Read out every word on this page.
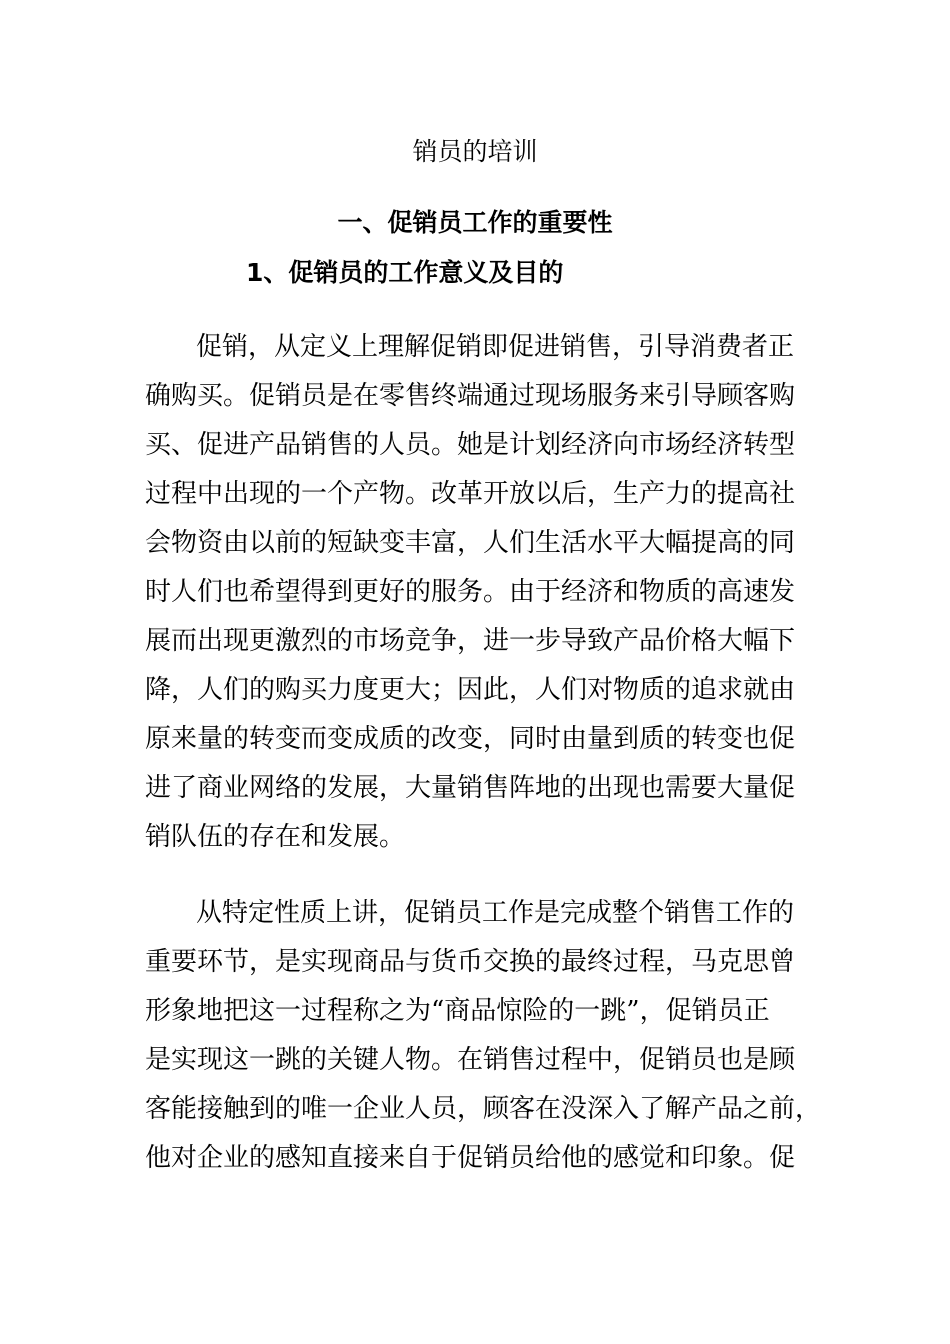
销员的培训
一、促销员工作的重要性
1、促销员的工作意义及目的
促销，从定义上理解促销即促进销售，引导消费者正
确购买。促销员是在零售终端通过现场服务来引导顾客购
买、促进产品销售的人员。她是计划经济向市场经济转型
过程中出现的一个产物。改革开放以后，生产力的提高社
会物资由以前的短缺变丰富，人们生活水平大幅提高的同
时人们也希望得到更好的服务。由于经济和物质的高速发
展而出现更激烈的市场竞争，进一步导致产品价格大幅下
降，人们的购买力度更大；因此，人们对物质的追求就由
原来量的转变而变成质的改变，同时由量到质的转变也促
进了商业网络的发展，大量销售阵地的出现也需要大量促
销队伍的存在和发展。
从特定性质上讲，促销员工作是完成整个销售工作的
重要环节，是实现商品与货币交换的最终过程，马克思曾
形象地把这一过程称之为“商品惊险的一跳”，促销员正
是实现这一跳的关键人物。在销售过程中，促销员也是顾
客能接触到的唯一企业人员，顾客在没深入了解产品之前，
他对企业的感知直接来自于促销员给他的感觉和印象。促
